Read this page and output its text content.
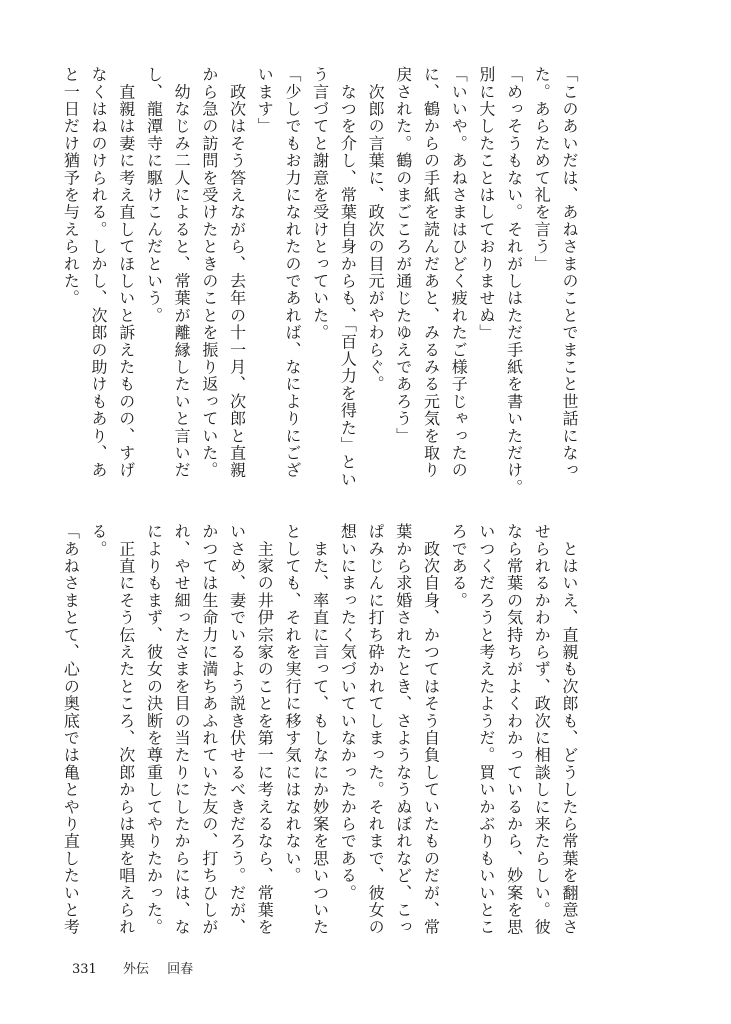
「このあいだは、あねさまのことでまこと世話になっ
た。あらためて礼を言う」
「めっそうもない。それがしはただ手紙を書いただけ。
別に大したことはしておりませぬ」
「いいや。あねさまはひどく疲れたご様子じゃったの
に、鶴からの手紙を読んだあと、みるみる元気を取り
戻された。鶴のまごころが通じたゆえであろう」
　次郎の言葉に、政次の目元がやわらぐ。
　なつを介し、常葉自身からも、「百人力を得た」とい
う言づてと謝意を受けとっていた。
「少しでもお力になれたのであれば、なによりにござ
います」
　政次はそう答えながら、去年の十一月、次郎と直親
から急の訪問を受けたときのことを振り返っていた。
　幼なじみ二人によると、常葉が離縁したいと言いだ
し、龍潭寺に駆けこんだという。
　直親は妻に考え直してほしいと訴えたものの、すげ
なくはねのけられる。しかし、次郎の助けもあり、あ
と一日だけ猶予を与えられた。
　とはいえ、直親も次郎も、どうしたら常葉を翻意さ
せられるかわからず、政次に相談しに来たらしい。彼
なら常葉の気持ちがよくわかっているから、妙案を思
いつくだろうと考えたようだ。買いかぶりもいいとこ
ろである。
　政次自身、かつてはそう自負していたものだが、常
葉から求婚されたとき、さようなうぬぼれなど、こっ
ぱみじんに打ち砕かれてしまった。それまで、彼女の
想いにまったく気づいていなかったからである。
　また、率直に言って、もしなにか妙案を思いついた
としても、それを実行に移す気にはなれない。
　主家の井伊宗家のことを第一に考えるなら、常葉を
いさめ、妻でいるよう説き伏せるべきだろう。だが、
かつては生命力に満ちあふれていた友の、打ちひしが
れ、やせ細ったさまを目の当たりにしたからには、な
によりもまず、彼女の決断を尊重してやりたかった。
　正直にそう伝えたところ、次郎からは異を唱えられ
る。
「あねさまとて、心の奥底では亀とやり直したいと考
331 外伝 回春
